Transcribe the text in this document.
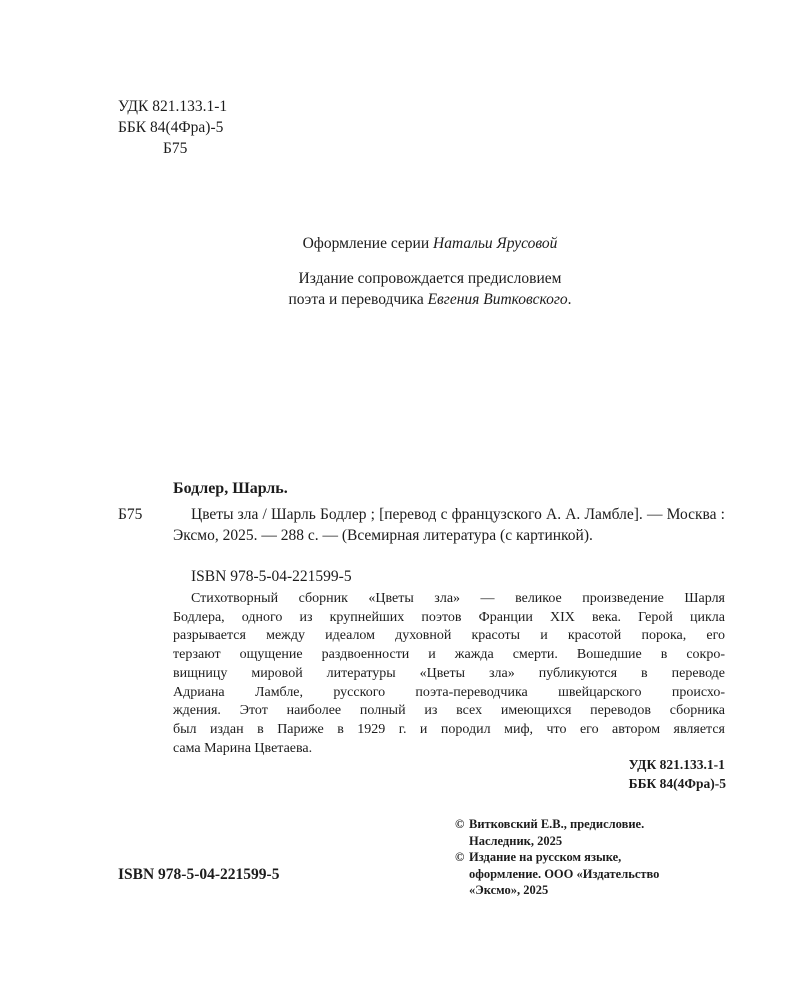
УДК 821.133.1-1
ББК 84(4Фра)-5
Б75
Оформление серии Натальи Ярусовой
Издание сопровождается предисловием
поэта и переводчика Евгения Витковского.
Бодлер, Шарль.
Б75	Цветы зла / Шарль Бодлер ; [перевод с французского А. А. Ламбле]. — Москва : Эксмо, 2025. — 288 с. — (Всемирная литература (с картинкой).
ISBN 978-5-04-221599-5
Стихотворный сборник «Цветы зла» — великое произведение Шарля
Бодлера, одного из крупнейших поэтов Франции XIX века. Герой цикла
разрывается между идеалом духовной красоты и красотой порока, его
терзают ощущение раздвоенности и жажда смерти. Вошедшие в сокро-
вищницу мировой литературы «Цветы зла» публикуются в переводе
Адриана Ламбле, русского поэта-переводчика швейцарского происхо-
ждения. Этот наиболее полный из всех имеющихся переводов сборника
был издан в Париже в 1929 г. и породил миф, что его автором является
сама Марина Цветаева.
УДК 821.133.1-1
ББК 84(4Фра)-5
ISBN 978-5-04-221599-5
© Витковский Е.В., предисловие.
Наследник, 2025
© Издание на русском языке,
оформление. ООО «Издательство
«Эксмо», 2025
